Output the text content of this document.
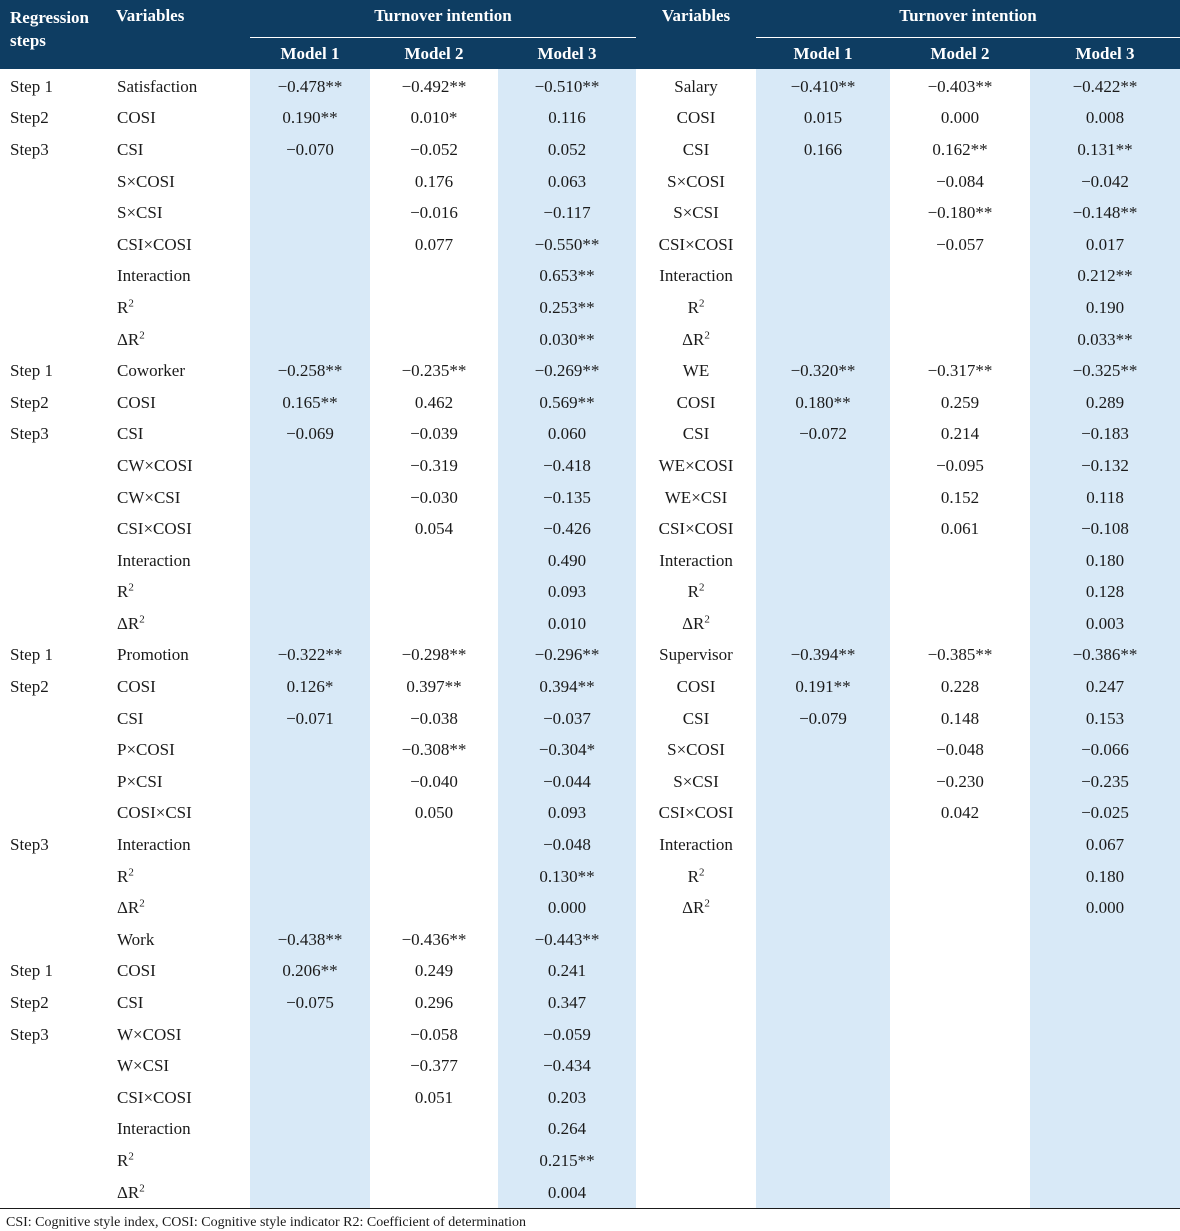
Regression steps	Variables	Turnover intention			Variables	Turnover intention		
		Model 1	Model 2	Model 3		Model 1	Model 2	Model 3
Step 1	Satisfaction	−0.478**	−0.492**	−0.510**	Salary	−0.410**	−0.403**	−0.422**
Step2	COSI	0.190**	0.010*	0.116	COSI	0.015	0.000	0.008
Step3	CSI	−0.070	−0.052	0.052	CSI	0.166	0.162**	0.131**
	S×COSI		0.176	0.063	S×COSI		−0.084	−0.042
	S×CSI		−0.016	−0.117	S×CSI		−0.180**	−0.148**
	CSI×COSI		0.077	−0.550**	CSI×COSI		−0.057	0.017
	Interaction			0.653**	Interaction			0.212**
	$R^2$			0.253**	$R^2$			0.190
	$\Delta R^2$			0.030**	$\Delta R^2$			0.033**
Step 1	Coworker	−0.258**	−0.235**	−0.269**	WE	−0.320**	−0.317**	−0.325**
Step2	COSI	0.165**	0.462	0.569**	COSI	0.180**	0.259	0.289
Step3	CSI	−0.069	−0.039	0.060	CSI	−0.072	0.214	−0.183
	CW×COSI		−0.319	−0.418	WE×COSI		−0.095	−0.132
	CW×CSI		−0.030	−0.135	WE×CSI		0.152	0.118
	CSI×COSI		0.054	−0.426	CSI×COSI		0.061	−0.108
	Interaction			0.490	Interaction			0.180
	$R^2$			0.093	$R^2$			0.128
	$\Delta R^2$			0.010	$\Delta R^2$			0.003
Step 1	Promotion	−0.322**	−0.298**	−0.296**	Supervisor	−0.394**	−0.385**	−0.386**
Step2	COSI	0.126*	0.397**	0.394**	COSI	0.191**	0.228	0.247
	CSI	−0.071	−0.038	−0.037	CSI	−0.079	0.148	0.153
	P×COSI		−0.308**	−0.304*	S×COSI		−0.048	−0.066
	P×CSI		−0.040	−0.044	S×CSI		−0.230	−0.235
	COSI×CSI		0.050	0.093	CSI×COSI		0.042	−0.025
Step3	Interaction			−0.048	Interaction			0.067
	$R^2$			0.130**	$R^2$			0.180
	$\Delta R^2$			0.000	$\Delta R^2$			0.000
	Work	−0.438**	−0.436**	−0.443**				
Step 1	COSI	0.206**	0.249	0.241				
Step2	CSI	−0.075	0.296	0.347				
Step3	W×COSI		−0.058	−0.059				
	W×CSI		−0.377	−0.434				
	CSI×COSI		0.051	0.203				
	Interaction			0.264				
	$R^2$			0.215**				
	$\Delta R^2$			0.004				
CSI: Cognitive style index, COSI: Cognitive style indicator R2: Coefficient of determination
